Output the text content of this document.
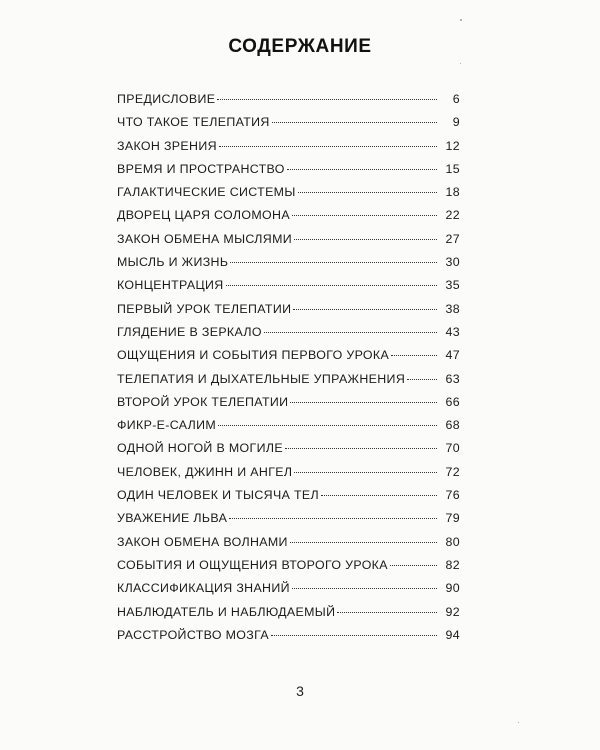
СОДЕРЖАНИЕ
ПРЕДИСЛОВИЕ	6
ЧТО ТАКОЕ ТЕЛЕПАТИЯ	9
ЗАКОН ЗРЕНИЯ	12
ВРЕМЯ И ПРОСТРАНСТВО	15
ГАЛАКТИЧЕСКИЕ СИСТЕМЫ	18
ДВОРЕЦ ЦАРЯ СОЛОМОНА	22
ЗАКОН ОБМЕНА МЫСЛЯМИ	27
МЫСЛЬ И ЖИЗНЬ	30
КОНЦЕНТРАЦИЯ	35
ПЕРВЫЙ УРОК ТЕЛЕПАТИИ	38
ГЛЯДЕНИЕ В ЗЕРКАЛО	43
ОЩУЩЕНИЯ И СОБЫТИЯ ПЕРВОГО УРОКА	47
ТЕЛЕПАТИЯ И ДЫХАТЕЛЬНЫЕ УПРАЖНЕНИЯ	63
ВТОРОЙ УРОК ТЕЛЕПАТИИ	66
ФИКР-Е-САЛИМ	68
ОДНОЙ НОГОЙ В МОГИЛЕ	70
ЧЕЛОВЕК, ДЖИНН И АНГЕЛ	72
ОДИН ЧЕЛОВЕК И ТЫСЯЧА ТЕЛ	76
УВАЖЕНИЕ ЛЬВА	79
ЗАКОН ОБМЕНА ВОЛНАМИ	80
СОБЫТИЯ И ОЩУЩЕНИЯ ВТОРОГО УРОКА	82
КЛАССИФИКАЦИЯ ЗНАНИЙ	90
НАБЛЮДАТЕЛЬ И НАБЛЮДАЕМЫЙ	92
РАССТРОЙСТВО МОЗГА	94
3
